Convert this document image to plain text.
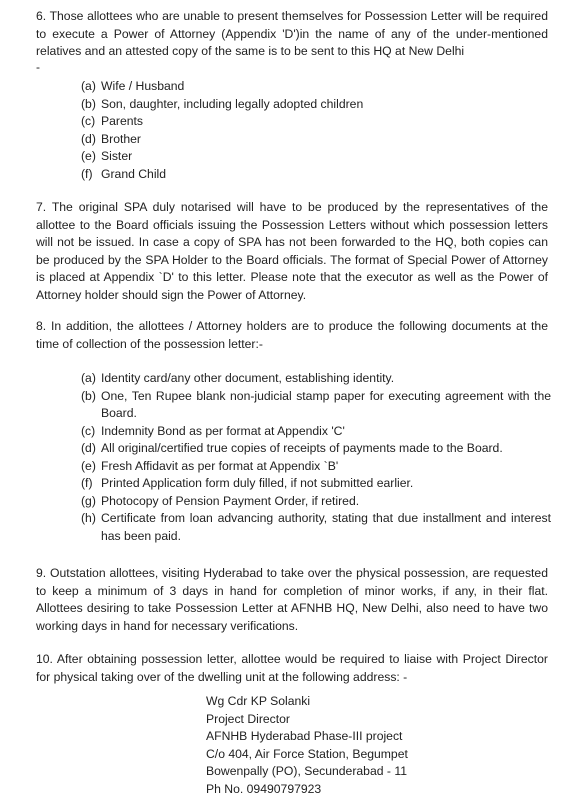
6. Those allottees who are unable to present themselves for Possession Letter will be required to execute a Power of Attorney (Appendix 'D')in the name of any of the under-mentioned relatives and an attested copy of the same is to be sent to this HQ at New Delhi

-
(a) Wife / Husband
(b) Son, daughter, including legally adopted children
(c) Parents
(d) Brother
(e) Sister
(f) Grand Child

7. The original SPA duly notarised will have to be produced by the representatives of the allottee to the Board officials issuing the Possession Letters without which possession letters will not be issued. In case a copy of SPA has not been forwarded to the HQ, both copies can be produced by the SPA Holder to the Board officials. The format of Special Power of Attorney is placed at Appendix `D' to this letter. Please note that the executor as well as the Power of Attorney holder should sign the Power of Attorney.

8. In addition, the allottees / Attorney holders are to produce the following documents at the time of collection of the possession letter:-

(a) Identity card/any other document, establishing identity.
(b) One, Ten Rupee blank non-judicial stamp paper for executing agreement with the Board.
(c) Indemnity Bond as per format at Appendix 'C'
(d) All original/certified true copies of receipts of payments made to the Board.
(e) Fresh Affidavit as per format at Appendix `B'
(f) Printed Application form duly filled, if not submitted earlier.
(g) Photocopy of Pension Payment Order, if retired.
(h) Certificate from loan advancing authority, stating that due installment and interest has been paid.

9. Outstation allottees, visiting Hyderabad to take over the physical possession, are requested to keep a minimum of 3 days in hand for completion of minor works, if any, in their flat. Allottees desiring to take Possession Letter at AFNHB HQ, New Delhi, also need to have two working days in hand for necessary verifications.

10. After obtaining possession letter, allottee would be required to liaise with Project Director for physical taking over of the dwelling unit at the following address: -

Wg Cdr KP Solanki
Project Director
AFNHB Hyderabad Phase-III project
C/o 404, Air Force Station, Begumpet
Bowenpally (PO), Secunderabad - 11
Ph No. 09490797923
